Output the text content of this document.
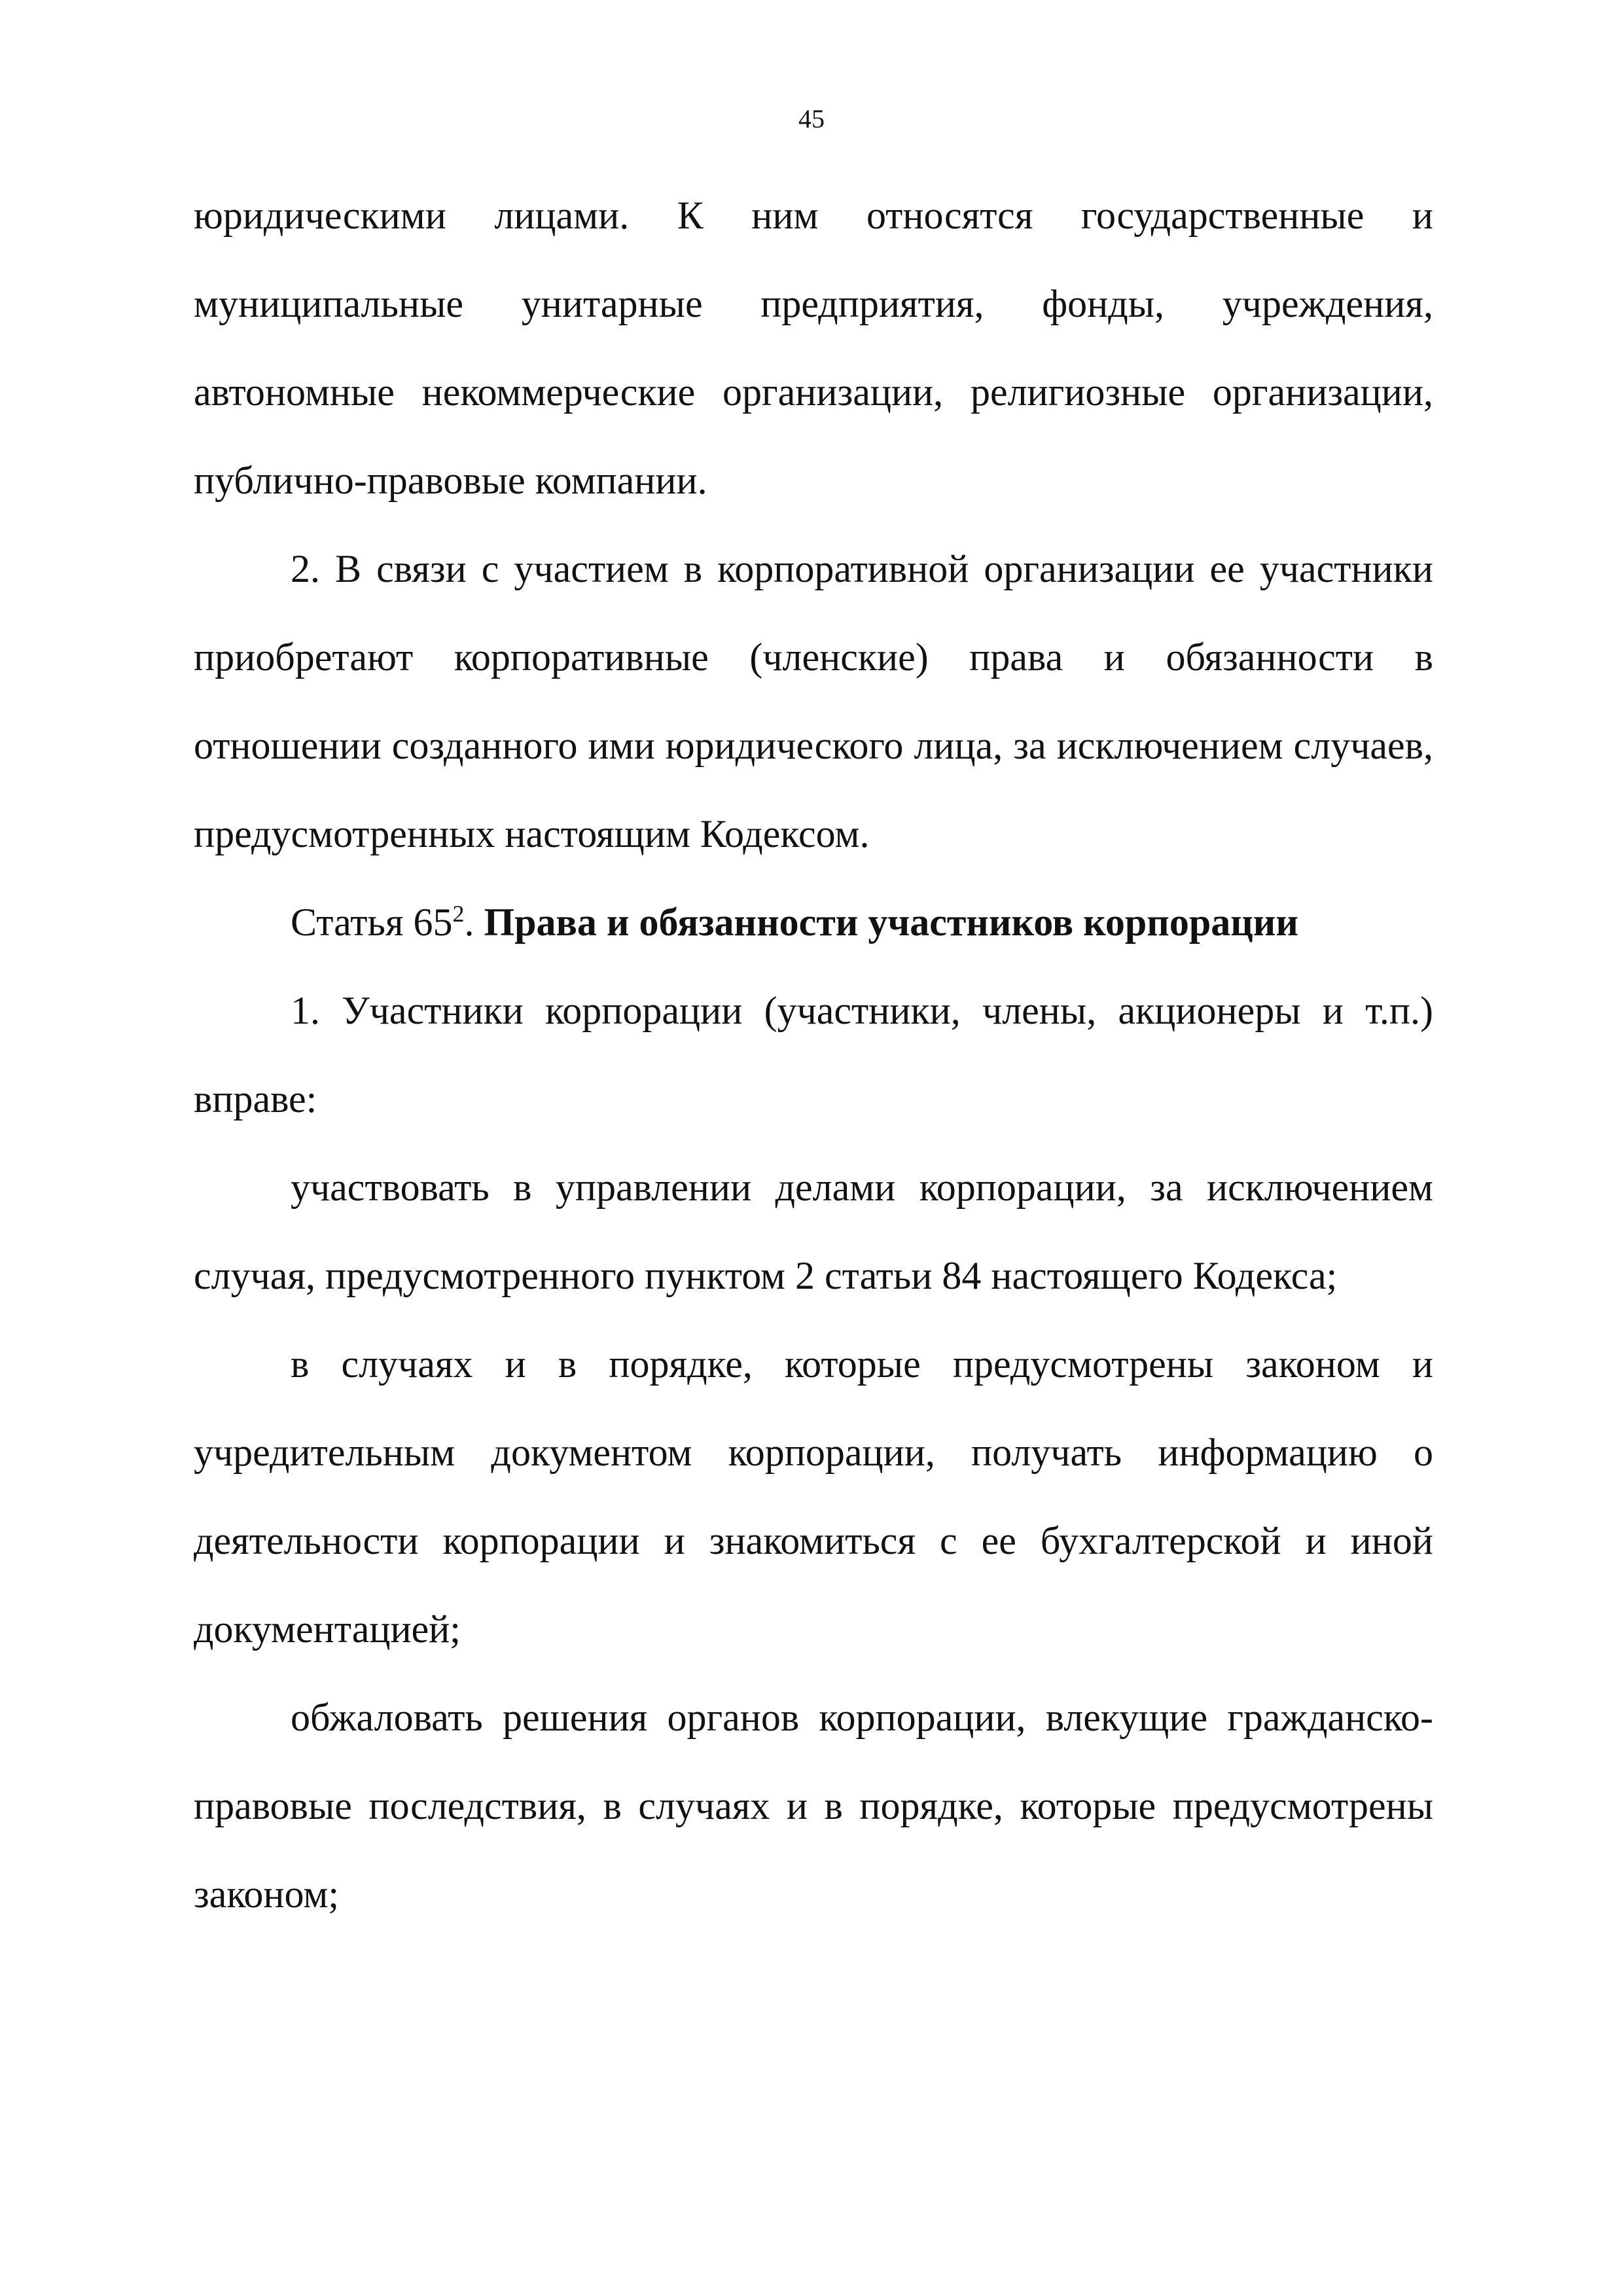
45

юридическими лицами. К ним относятся государственные и муниципальные унитарные предприятия, фонды, учреждения, автономные некоммерческие организации, религиозные организации, публично-правовые компании.

2. В связи с участием в корпоративной организации ее участники приобретают корпоративные (членские) права и обязанности в отношении созданного ими юридического лица, за исключением случаев, предусмотренных настоящим Кодексом.

Статья $65^2$. Права и обязанности участников корпорации

1. Участники корпорации (участники, члены, акционеры и т.п.) вправе:

участвовать в управлении делами корпорации, за исключением случая, предусмотренного пунктом 2 статьи 84 настоящего Кодекса;

в случаях и в порядке, которые предусмотрены законом и учредительным документом корпорации, получать информацию о деятельности корпорации и знакомиться с ее бухгалтерской и иной документацией;

обжаловать решения органов корпорации, влекущие гражданско-правовые последствия, в случаях и в порядке, которые предусмотрены законом;
